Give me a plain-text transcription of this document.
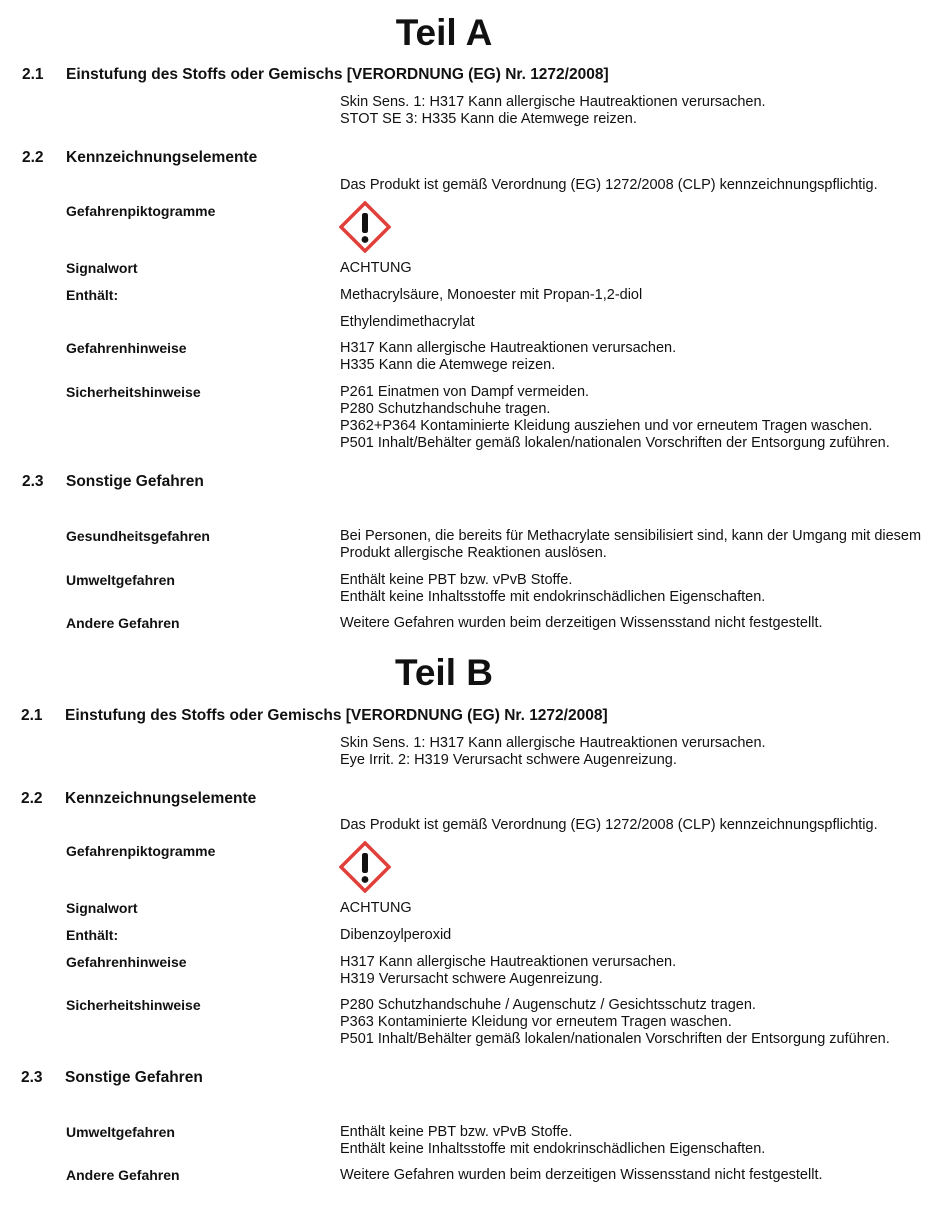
Teil A
2.1 Einstufung des Stoffs oder Gemischs [VERORDNUNG (EG) Nr. 1272/2008]
Skin Sens. 1: H317 Kann allergische Hautreaktionen verursachen.
STOT SE 3: H335 Kann die Atemwege reizen.
2.2 Kennzeichnungselemente
Das Produkt ist gemäß Verordnung (EG) 1272/2008 (CLP) kennzeichnungspflichtig.
Gefahrenpiktogramme
Signalwort	ACHTUNG
Enthält:	Methacrylsäure, Monoester mit Propan-1,2-diol
Ethylendimethacrylat
Gefahrenhinweise	H317 Kann allergische Hautreaktionen verursachen.
H335 Kann die Atemwege reizen.
Sicherheitshinweise	P261 Einatmen von Dampf vermeiden.
P280 Schutzhandschuhe tragen.
P362+P364 Kontaminierte Kleidung ausziehen und vor erneutem Tragen waschen.
P501 Inhalt/Behälter gemäß lokalen/nationalen Vorschriften der Entsorgung zuführen.
2.3 Sonstige Gefahren
Gesundheitsgefahren	Bei Personen, die bereits für Methacrylate sensibilisiert sind, kann der Umgang mit diesem
Produkt allergische Reaktionen auslösen.
Umweltgefahren	Enthält keine PBT bzw. vPvB Stoffe.
Enthält keine Inhaltsstoffe mit endokrinschädlichen Eigenschaften.
Andere Gefahren	Weitere Gefahren wurden beim derzeitigen Wissensstand nicht festgestellt.
Teil B
2.1 Einstufung des Stoffs oder Gemischs [VERORDNUNG (EG) Nr. 1272/2008]
Skin Sens. 1: H317 Kann allergische Hautreaktionen verursachen.
Eye Irrit. 2: H319 Verursacht schwere Augenreizung.
2.2 Kennzeichnungselemente
Das Produkt ist gemäß Verordnung (EG) 1272/2008 (CLP) kennzeichnungspflichtig.
Gefahrenpiktogramme
Signalwort	ACHTUNG
Enthält:	Dibenzoylperoxid
Gefahrenhinweise	H317 Kann allergische Hautreaktionen verursachen.
H319 Verursacht schwere Augenreizung.
Sicherheitshinweise	P280 Schutzhandschuhe / Augenschutz / Gesichtsschutz tragen.
P363 Kontaminierte Kleidung vor erneutem Tragen waschen.
P501 Inhalt/Behälter gemäß lokalen/nationalen Vorschriften der Entsorgung zuführen.
2.3 Sonstige Gefahren
Umweltgefahren	Enthält keine PBT bzw. vPvB Stoffe.
Enthält keine Inhaltsstoffe mit endokrinschädlichen Eigenschaften.
Andere Gefahren	Weitere Gefahren wurden beim derzeitigen Wissensstand nicht festgestellt.
